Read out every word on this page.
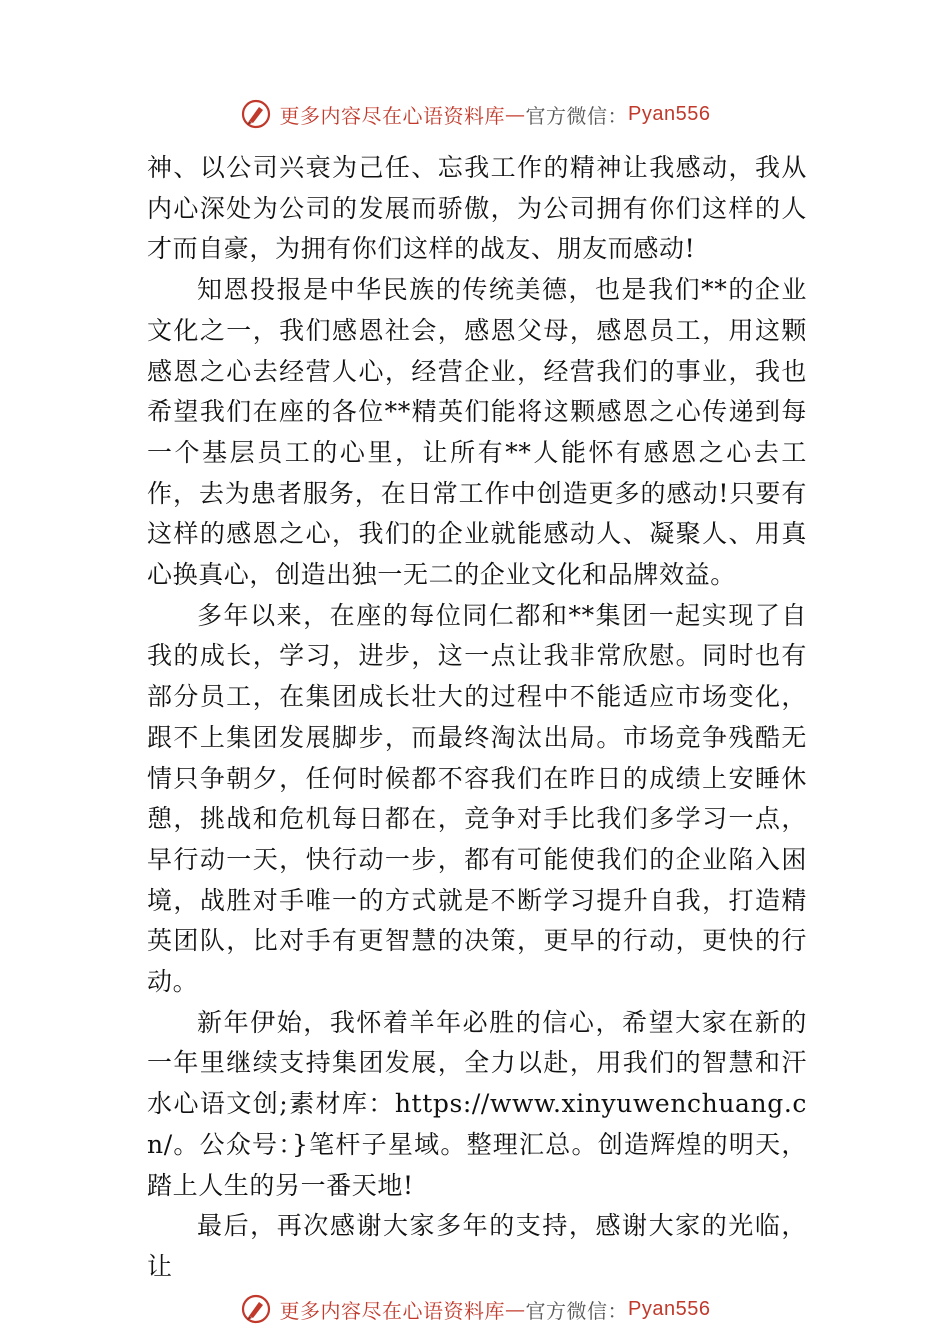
更多内容尽在心语资料库 — 官方微信： Pyan556

神、以公司兴衰为己任、忘我工作的精神让我感动，我从内心深处为公司的发展而骄傲，为公司拥有你们这样的人才而自豪，为拥有你们这样的战友、朋友而感动!

知恩投报是中华民族的传统美德，也是我们**的企业文化之一，我们感恩社会，感恩父母，感恩员工，用这颗感恩之心去经营人心，经营企业，经营我们的事业，我也希望我们在座的各位**精英们能将这颗感恩之心传递到每一个基层员工的心里，让所有**人能怀有感恩之心去工作，去为患者服务，在日常工作中创造更多的感动!只要有这样的感恩之心，我们的企业就能感动人、凝聚人、用真心换真心，创造出独一无二的企业文化和品牌效益。

多年以来，在座的每位同仁都和**集团一起实现了自我的成长，学习，进步，这一点让我非常欣慰。同时也有部分员工，在集团成长壮大的过程中不能适应市场变化，跟不上集团发展脚步，而最终淘汰出局。市场竞争残酷无情只争朝夕，任何时候都不容我们在昨日的成绩上安睡休憩，挑战和危机每日都在，竞争对手比我们多学习一点，早行动一天，快行动一步，都有可能使我们的企业陷入困境，战胜对手唯一的方式就是不断学习提升自我，打造精英团队，比对手有更智慧的决策，更早的行动，更快的行动。

新年伊始，我怀着羊年必胜的信心，希望大家在新的一年里继续支持集团发展，全力以赴，用我们的智慧和汗水心语文创;素材库：https://www.xinyuwenchuang.cn/。公众号：}笔杆子星域。整理汇总。创造辉煌的明天，踏上人生的另一番天地!

最后，再次感谢大家多年的支持，感谢大家的光临，让

更多内容尽在心语资料库 — 官方微信： Pyan556
